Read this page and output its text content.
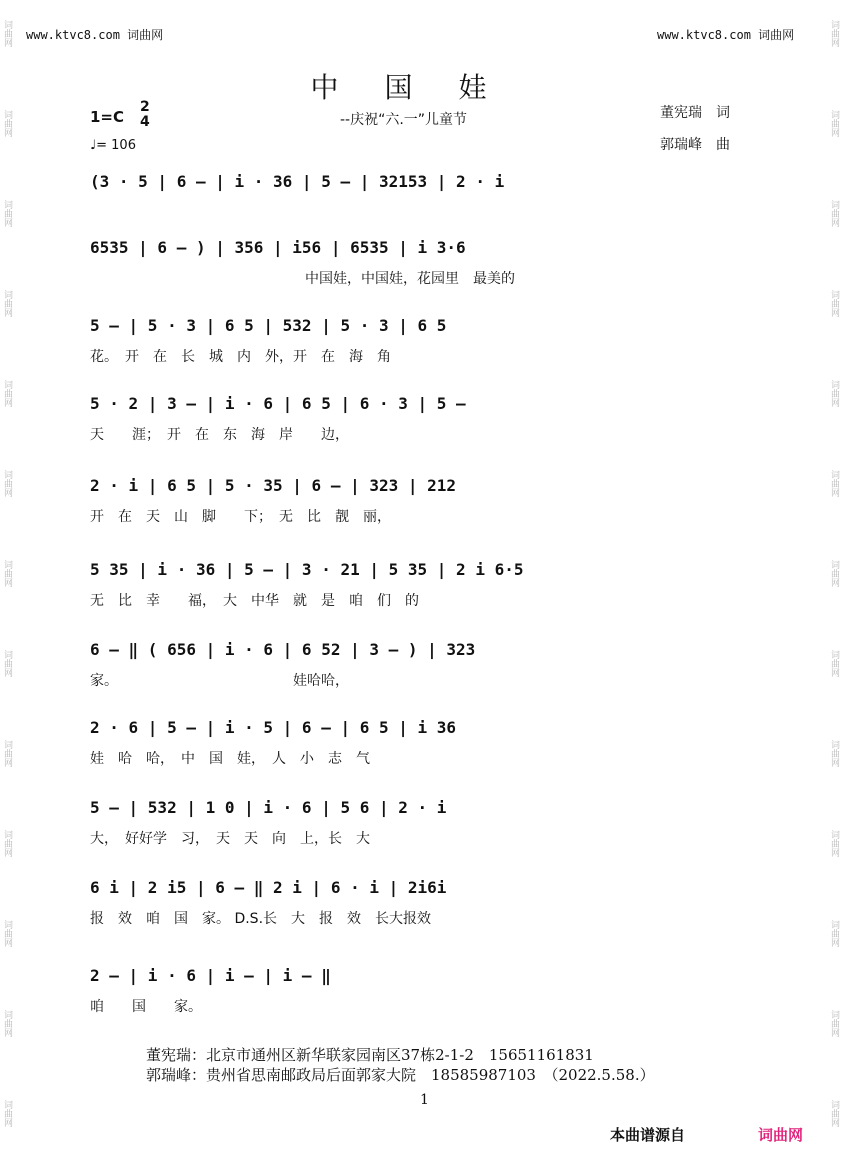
词曲网
词曲网
词曲网
词曲网
词曲网
词曲网
词曲网
词曲网
词曲网
词曲网
词曲网
词曲网
词曲网
词曲网
词曲网
词曲网
词曲网
词曲网
词曲网
词曲网
词曲网
词曲网
词曲网
词曲网
词曲网
词曲网
www.ktvc8.com 词曲网	www.ktvc8.com 词曲网
中国娃
--庆祝“六.一”儿童节	董宪瑞　词
郭瑞峰　曲
1=C
2
4
♩= 106
(3 · 5 | 6 – | i · 36 | 5 – | 32153 | 2 · i
6535 | 6 – ) | 356 | i56 | 6535 | i 3·6
中国娃，中国娃，花园里　最美的
5 – | 5 · 3 | 6 5 | 532 | 5 · 3 | 6 5
花。　开　在　长　城　内　外，开　在　海　角
5 · 2 | 3 – | i · 6 | 6 5 | 6 · 3 | 5 –
天　　涯；　开　在　东　海　岸　　边，
2 · i | 6 5 | 5 · 35 | 6 – | 323 | 212
开　在　天　山　脚　　下；　无　比　靓　丽，
5 35 | i · 36 | 5 – | 3 · 21 | 5 35 | 2 i 6·5
无　比　幸　　福，　大　中华　就　是　咱　们　的
6 – ‖ ( 656 | i · 6 | 6 52 | 3 – ) | 323
家。　　　　　　　　　　　　　娃哈哈，
2 · 6 | 5 – | i · 5 | 6 – | 6 5 | i 36
娃　哈　哈，　中　国　娃，　人　小　志　气
5 – | 532 | 1 0 | i · 6 | 5 6 | 2 · i
大，　好好学　习，　天　天　向　上，长　大
6 i | 2 i5 | 6 – ‖ 2 i | 6 · i | 2i6i
报　效　咱　国　家。 D.S.长　大　报　效　长大报效
2 – | i · 6 | i – | i – ‖
咱　　国　　家。
董宪瑞：北京市通州区新华联家园南区37栋2-1-2　15651161831
郭瑞峰：贵州省思南邮政局后面郭家大院　18585987103　（2022.5.58.）
1
本曲谱源自	词曲网
